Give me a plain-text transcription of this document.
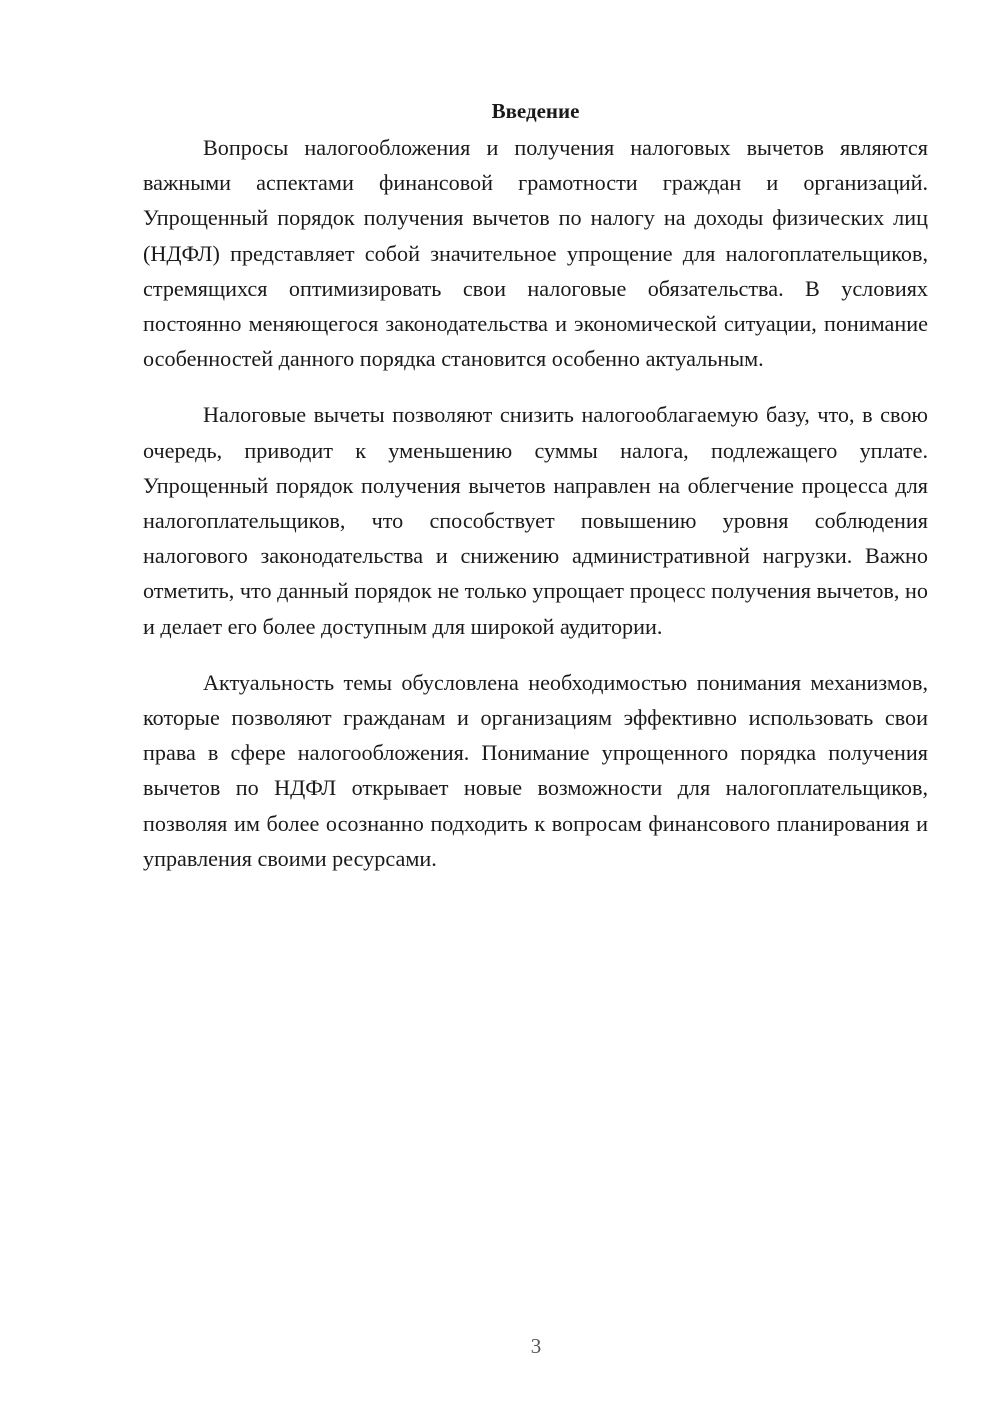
Введение

Вопросы налогообложения и получения налоговых вычетов являются важными аспектами финансовой грамотности граждан и организаций. Упрощенный порядок получения вычетов по налогу на доходы физических лиц (НДФЛ) представляет собой значительное упрощение для налогоплательщиков, стремящихся оптимизировать свои налоговые обязательства. В условиях постоянно меняющегося законодательства и экономической ситуации, понимание особенностей данного порядка становится особенно актуальным.

Налоговые вычеты позволяют снизить налогооблагаемую базу, что, в свою очередь, приводит к уменьшению суммы налога, подлежащего уплате. Упрощенный порядок получения вычетов направлен на облегчение процесса для налогоплательщиков, что способствует повышению уровня соблюдения налогового законодательства и снижению административной нагрузки. Важно отметить, что данный порядок не только упрощает процесс получения вычетов, но и делает его более доступным для широкой аудитории.

Актуальность темы обусловлена необходимостью понимания механизмов, которые позволяют гражданам и организациям эффективно использовать свои права в сфере налогообложения. Понимание упрощенного порядка получения вычетов по НДФЛ открывает новые возможности для налогоплательщиков, позволяя им более осознанно подходить к вопросам финансового планирования и управления своими ресурсами.

3
